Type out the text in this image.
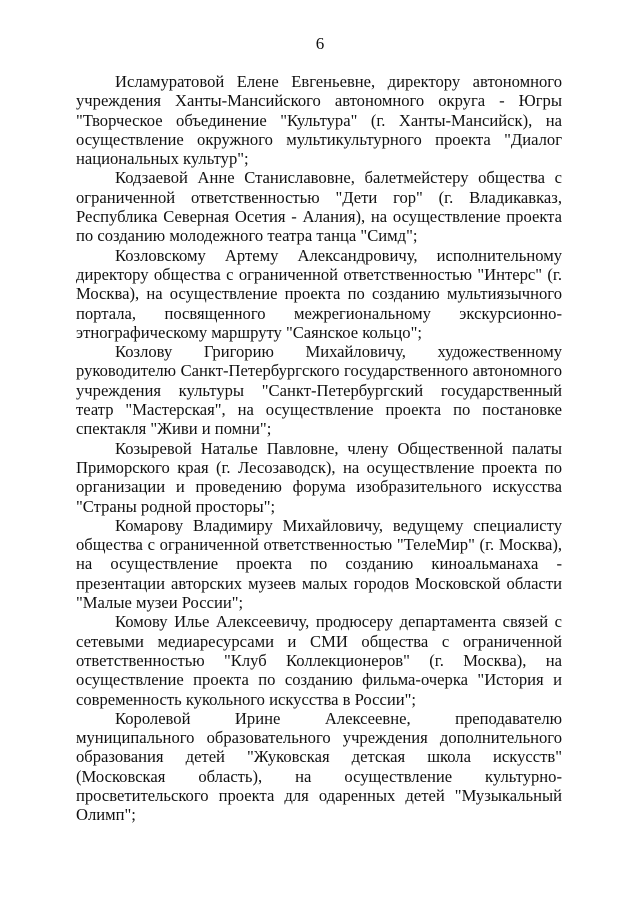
6

Исламуратовой Елене Евгеньевне, директору автономного учреждения Ханты-Мансийского автономного округа - Югры "Творческое объединение "Культура" (г. Ханты-Мансийск), на осуществление окружного мультикультурного проекта "Диалог национальных культур";

Кодзаевой Анне Станиславовне, балетмейстеру общества с ограниченной ответственностью "Дети гор" (г. Владикавказ, Республика Северная Осетия - Алания), на осуществление проекта по созданию молодежного театра танца "Симд";

Козловскому Артему Александровичу, исполнительному директору общества с ограниченной ответственностью "Интерс" (г. Москва), на осуществление проекта по созданию мультиязычного портала, посвященного межрегиональному экскурсионно-этнографическому маршруту "Саянское кольцо";

Козлову Григорию Михайловичу, художественному руководителю Санкт-Петербургского государственного автономного учреждения культуры "Санкт-Петербургский государственный театр "Мастерская", на осуществление проекта по постановке спектакля "Живи и помни";

Козыревой Наталье Павловне, члену Общественной палаты Приморского края (г. Лесозаводск), на осуществление проекта по организации и проведению форума изобразительного искусства "Страны родной просторы";

Комарову Владимиру Михайловичу, ведущему специалисту общества с ограниченной ответственностью "ТелеМир" (г. Москва), на осуществление проекта по созданию киноальманаха - презентации авторских музеев малых городов Московской области "Малые музеи России";

Комову Илье Алексеевичу, продюсеру департамента связей с сетевыми медиаресурсами и СМИ общества с ограниченной ответственностью "Клуб Коллекционеров" (г. Москва), на осуществление проекта по созданию фильма-очерка "История и современность кукольного искусства в России";

Королевой Ирине Алексеевне, преподавателю муниципального образовательного учреждения дополнительного образования детей "Жуковская детская школа искусств" (Московская область), на осуществление культурно-просветительского проекта для одаренных детей "Музыкальный Олимп";
